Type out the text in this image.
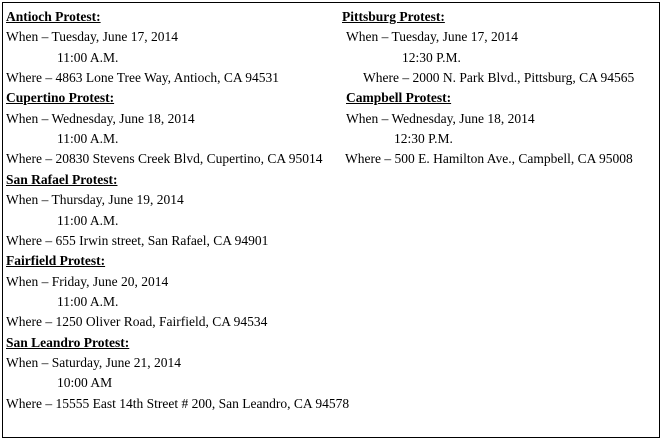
Antioch Protest:
When – Tuesday, June 17, 2014
11:00 A.M.
Where – 4863 Lone Tree Way, Antioch, CA 94531
Cupertino Protest:
When – Wednesday, June 18, 2014
11:00 A.M.
Where – 20830 Stevens Creek Blvd, Cupertino, CA 95014
San Rafael Protest:
When – Thursday, June 19, 2014
11:00 A.M.
Where – 655 Irwin street, San Rafael, CA 94901
Fairfield Protest:
When – Friday, June 20, 2014
11:00 A.M.
Where – 1250 Oliver Road, Fairfield, CA 94534
San Leandro Protest:
When – Saturday, June 21, 2014
10:00 AM
Where – 15555 East 14th Street # 200, San Leandro, CA 94578
Pittsburg Protest:
When – Tuesday, June 17, 2014
12:30 P.M.
Where – 2000 N. Park Blvd., Pittsburg, CA 94565
Campbell Protest:
When – Wednesday, June 18, 2014
12:30 P.M.
Where – 500 E. Hamilton Ave., Campbell, CA 95008
